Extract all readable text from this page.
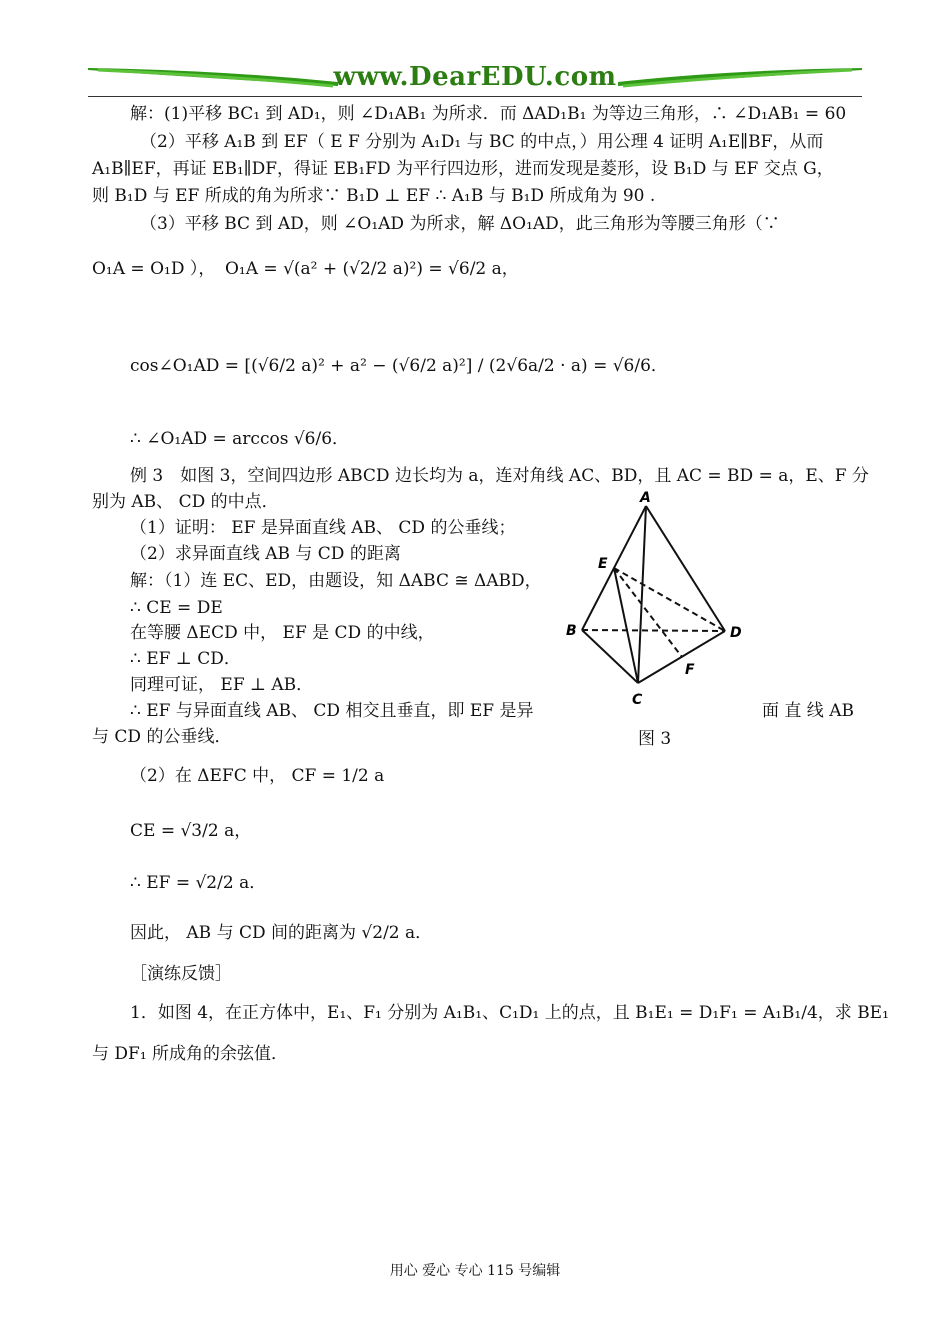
www.DearEDU.com
解：(1)平移 BC₁ 到 AD₁，则 ∠D₁AB₁ 为所求．而 ΔAD₁B₁ 为等边三角形，∴ ∠D₁AB₁ = 60
（2）平移 A₁B 到 EF（ E F 分别为 A₁D₁ 与 BC 的中点，）用公理 4 证明 A₁E∥BF，从而
A₁B∥EF，再证 EB₁∥DF，得证 EB₁FD 为平行四边形，进而发现是菱形，设 B₁D 与 EF 交点 G，
则 B₁D 与 EF 所成的角为所求∵ B₁D ⊥ EF ∴ A₁B 与 B₁D 所成角为 90 .
（3）平移 BC 到 AD，则 ∠O₁AD 为所求，解 ΔO₁AD，此三角形为等腰三角形（∵
O₁A = O₁D ）， O₁A = √(a² + (√2/2 a)²) = √6/2 a，
cos∠O₁AD = [(√6/2 a)² + a² − (√6/2 a)²] / (2√6a/2 · a) = √6/6．
∴ ∠O₁AD = arccos √6/6．
例 3　如图 3，空间四边形 ABCD 边长均为 a，连对角线 AC、BD，且 AC = BD = a，E、F 分
别为 AB、 CD 的中点．
（1）证明： EF 是异面直线 AB、 CD 的公垂线；
（2）求异面直线 AB 与 CD 的距离
解：（1）连 EC、ED，由题设，知 ΔABC ≅ ΔABD，
∴ CE = DE
在等腰 ΔECD 中， EF 是 CD 的中线，
∴ EF ⊥ CD．
同理可证， EF ⊥ AB．
∴ EF 与异面直线 AB、 CD 相交且垂直，即 EF 是异	面 直 线 AB
与 CD 的公垂线．
（2）在 ΔEFC 中， CF = 1/2 a
CE = √3/2 a，
∴ EF = √2/2 a．
因此， AB 与 CD 间的距离为 √2/2 a．
［演练反馈］
1．如图 4，在正方体中，E₁、F₁ 分别为 A₁B₁、C₁D₁ 上的点，且 B₁E₁ = D₁F₁ = A₁B₁/4，求 BE₁
与 DF₁ 所成角的余弦值．
A
B
C
D
E
F
图 3
用心 爱心 专心 115 号编辑
